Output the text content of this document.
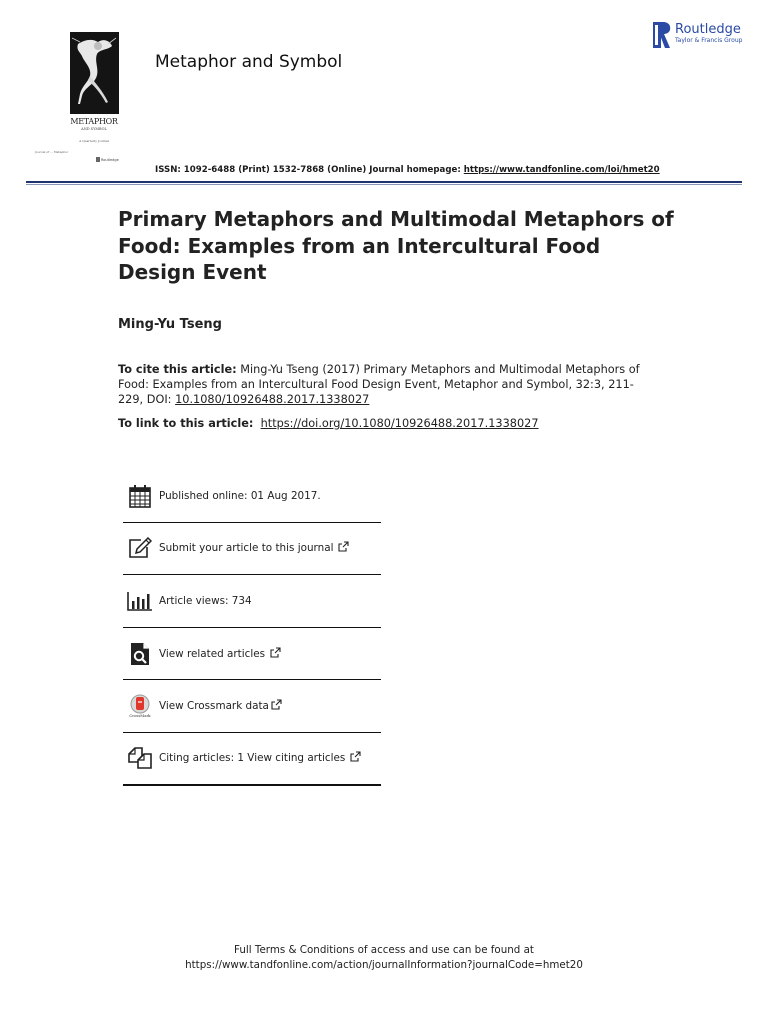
METAPHOR
AND SYMBOL
A Quarterly Journal
Journal of ... Metaphor
Routledge
Metaphor and Symbol
Routledge
Taylor & Francis Group
ISSN: 1092-6488 (Print) 1532-7868 (Online) Journal homepage: https://www.tandfonline.com/loi/hmet20
Primary Metaphors and Multimodal Metaphors of Food: Examples from an Intercultural Food Design Event
Ming-Yu Tseng
To cite this article: Ming-Yu Tseng (2017) Primary Metaphors and Multimodal Metaphors of Food: Examples from an Intercultural Food Design Event, Metaphor and Symbol, 32:3, 211-229, DOI: 10.1080/10926488.2017.1338027
To link to this article: https://doi.org/10.1080/10926488.2017.1338027
Published online: 01 Aug 2017.
Submit your article to this journal
Article views: 734
View related articles
CrossMark
View Crossmark data
Citing articles: 1 View citing articles
Full Terms & Conditions of access and use can be found at
https://www.tandfonline.com/action/journalInformation?journalCode=hmet20
